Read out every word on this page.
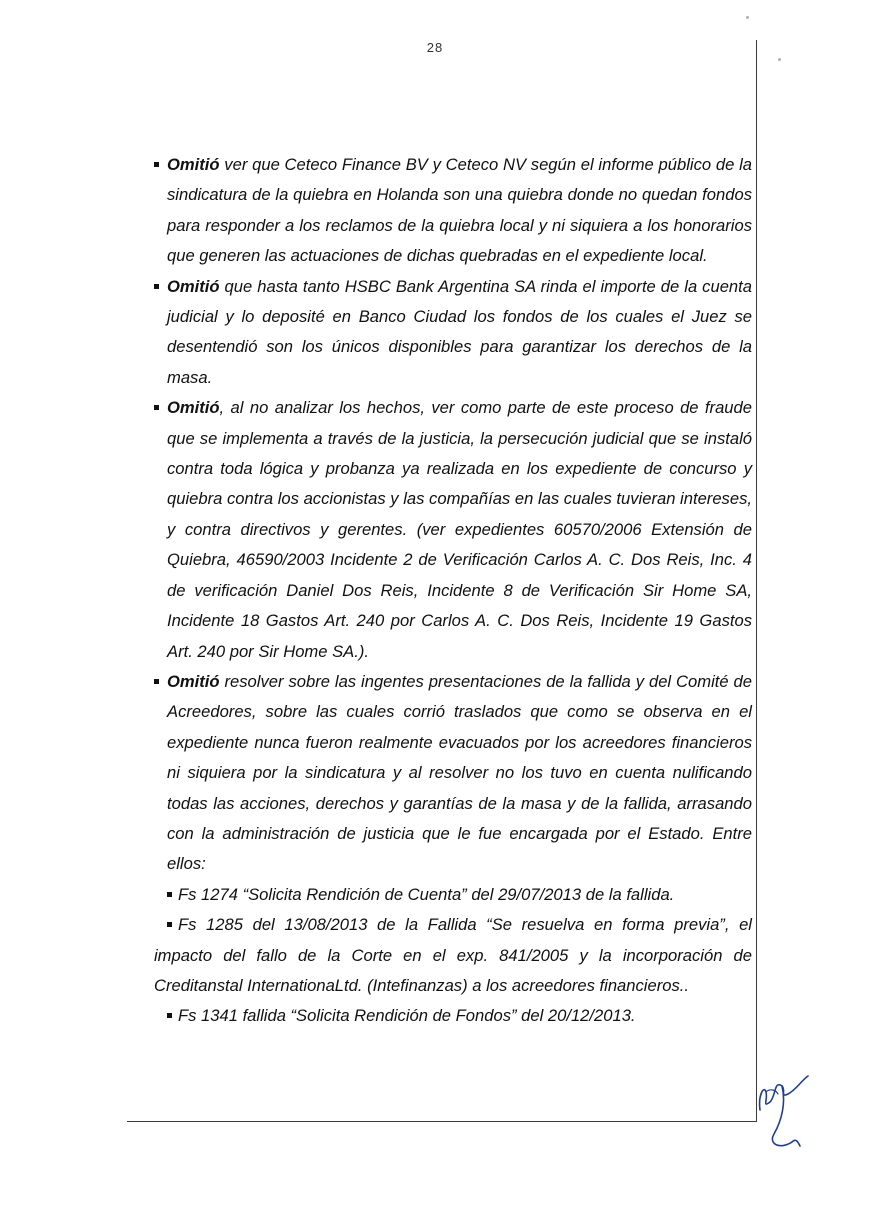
28
Omitió ver que Ceteco Finance BV y Ceteco NV según el informe público de la sindicatura de la quiebra en Holanda son una quiebra donde no quedan fondos para responder a los reclamos de la quiebra local y ni siquiera a los honorarios que generen las actuaciones de dichas quebradas en el expediente local.
Omitió que hasta tanto HSBC Bank Argentina SA rinda el importe de la cuenta judicial y lo deposité en Banco Ciudad los fondos de los cuales el Juez se desentendió son los únicos disponibles para garantizar los derechos de la masa.
Omitió, al no analizar los hechos, ver como parte de este proceso de fraude que se implementa a través de la justicia, la persecución judicial que se instaló contra toda lógica y probanza ya realizada en los expediente de concurso y quiebra contra los accionistas y las compañías en las cuales tuvieran intereses, y contra directivos y gerentes. (ver expedientes 60570/2006 Extensión de Quiebra, 46590/2003 Incidente 2 de Verificación Carlos A. C. Dos Reis, Inc. 4 de verificación Daniel Dos Reis, Incidente 8 de Verificación Sir Home SA, Incidente 18 Gastos Art. 240 por Carlos A. C. Dos Reis, Incidente 19 Gastos Art. 240 por Sir Home SA.).
Omitió resolver sobre las ingentes presentaciones de la fallida y del Comité de Acreedores, sobre las cuales corrió traslados que como se observa en el expediente nunca fueron realmente evacuados por los acreedores financieros ni siquiera por la sindicatura y al resolver no los tuvo en cuenta nulificando todas las acciones, derechos y garantías de la masa y de la fallida, arrasando con la administración de justicia que le fue encargada por el Estado. Entre ellos:
Fs 1274 “Solicita Rendición de Cuenta” del 29/07/2013 de la fallida.
Fs 1285 del 13/08/2013 de la Fallida “Se resuelva en forma previa”, el impacto del fallo de la Corte en el exp. 841/2005 y la incorporación de Creditanstal InternationaLtd. (Intefinanzas) a los acreedores financieros..
Fs 1341 fallida “Solicita Rendición de Fondos” del 20/12/2013.
